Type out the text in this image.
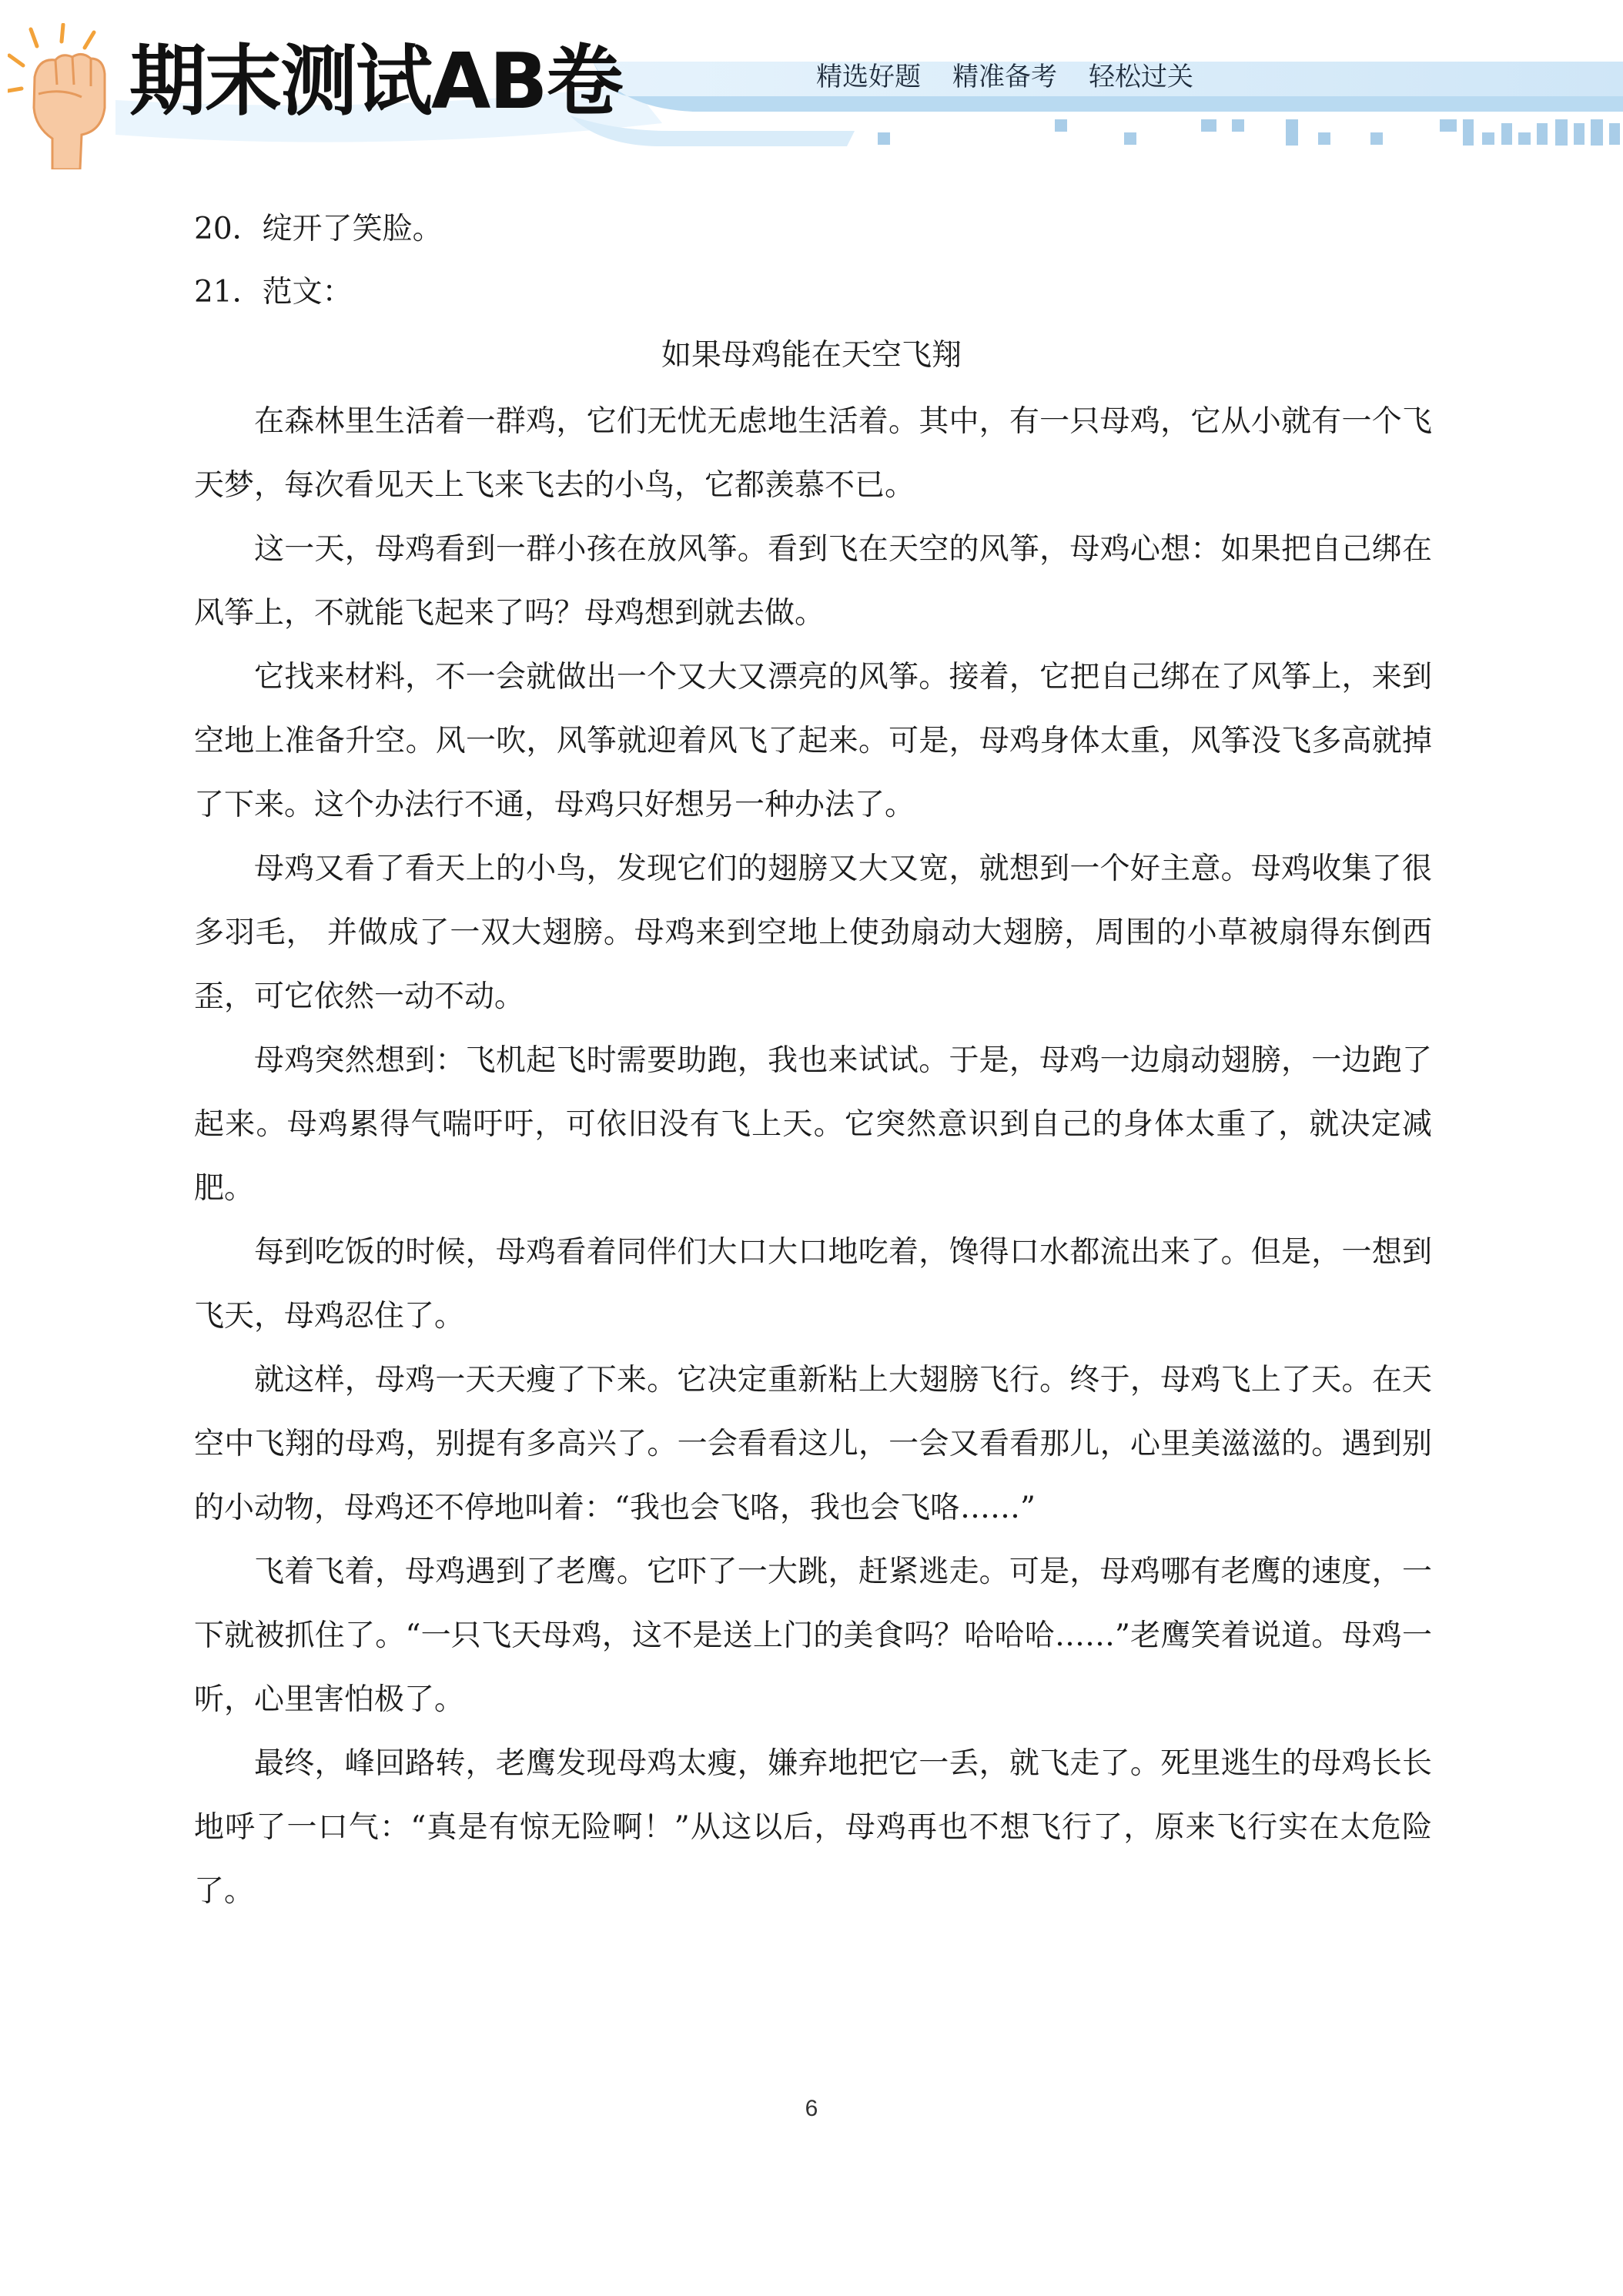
期末测试AB卷	精选好题 精准备考 轻松过关
20．绽开了笑脸。
21．范文：
如果母鸡能在天空飞翔
在森林里生活着一群鸡，它们无忧无虑地生活着。其中，有一只母鸡，它从小就有一个飞天梦，每次看见天上飞来飞去的小鸟，它都羡慕不已。
这一天，母鸡看到一群小孩在放风筝。看到飞在天空的风筝，母鸡心想：如果把自己绑在风筝上，不就能飞起来了吗？母鸡想到就去做。
它找来材料，不一会就做出一个又大又漂亮的风筝。接着，它把自己绑在了风筝上，来到空地上准备升空。风一吹，风筝就迎着风飞了起来。可是，母鸡身体太重，风筝没飞多高就掉了下来。这个办法行不通，母鸡只好想另一种办法了。
母鸡又看了看天上的小鸟，发现它们的翅膀又大又宽，就想到一个好主意。母鸡收集了很多羽毛， 并做成了一双大翅膀。母鸡来到空地上使劲扇动大翅膀，周围的小草被扇得东倒西歪，可它依然一动不动。
母鸡突然想到：飞机起飞时需要助跑，我也来试试。于是，母鸡一边扇动翅膀，一边跑了起来。母鸡累得气喘吁吁，可依旧没有飞上天。它突然意识到自己的身体太重了，就决定减肥。
每到吃饭的时候，母鸡看着同伴们大口大口地吃着，馋得口水都流出来了。但是，一想到飞天，母鸡忍住了。
就这样，母鸡一天天瘦了下来。它决定重新粘上大翅膀飞行。终于，母鸡飞上了天。在天空中飞翔的母鸡，别提有多高兴了。一会看看这儿，一会又看看那儿，心里美滋滋的。遇到别的小动物，母鸡还不停地叫着：“我也会飞咯，我也会飞咯……”
飞着飞着，母鸡遇到了老鹰。它吓了一大跳，赶紧逃走。可是，母鸡哪有老鹰的速度，一下就被抓住了。“一只飞天母鸡，这不是送上门的美食吗？哈哈哈……”老鹰笑着说道。母鸡一听，心里害怕极了。
最终，峰回路转，老鹰发现母鸡太瘦，嫌弃地把它一丢，就飞走了。死里逃生的母鸡长长地呼了一口气：“真是有惊无险啊！”从这以后，母鸡再也不想飞行了，原来飞行实在太危险了。
6
